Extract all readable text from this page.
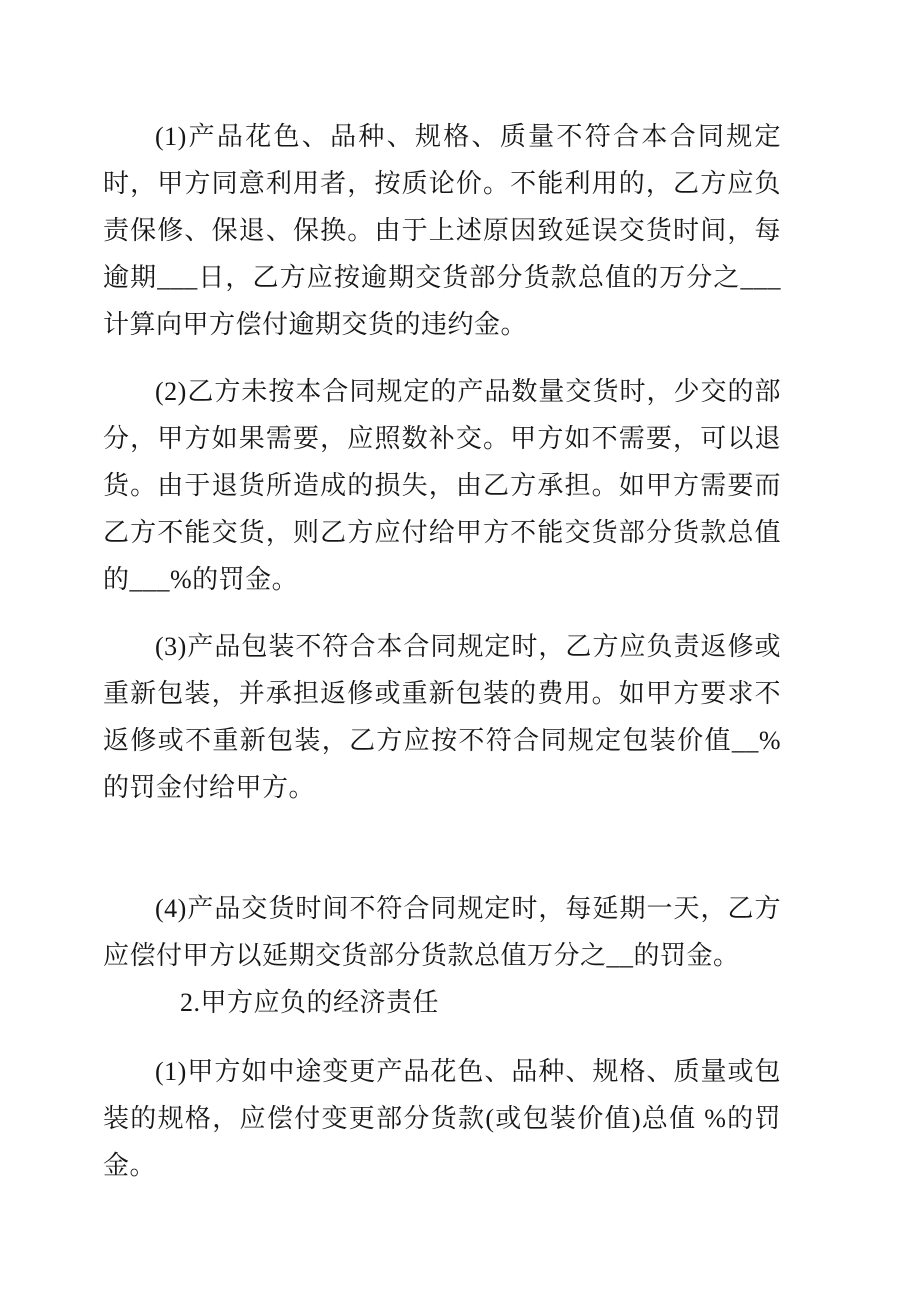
(1)产品花色、品种、规格、质量不符合本合同规定时，甲方同意利用者，按质论价。不能利用的，乙方应负责保修、保退、保换。由于上述原因致延误交货时间，每逾期___日，乙方应按逾期交货部分货款总值的万分之___计算向甲方偿付逾期交货的违约金。

(2)乙方未按本合同规定的产品数量交货时，少交的部分，甲方如果需要，应照数补交。甲方如不需要，可以退货。由于退货所造成的损失，由乙方承担。如甲方需要而乙方不能交货，则乙方应付给甲方不能交货部分货款总值的___%的罚金。

(3)产品包装不符合本合同规定时，乙方应负责返修或重新包装，并承担返修或重新包装的费用。如甲方要求不返修或不重新包装，乙方应按不符合同规定包装价值__%的罚金付给甲方。

(4)产品交货时间不符合同规定时，每延期一天，乙方应偿付甲方以延期交货部分货款总值万分之__的罚金。

2.甲方应负的经济责任

(1)甲方如中途变更产品花色、品种、规格、质量或包装的规格，应偿付变更部分货款(或包装价值)总值 %的罚金。
